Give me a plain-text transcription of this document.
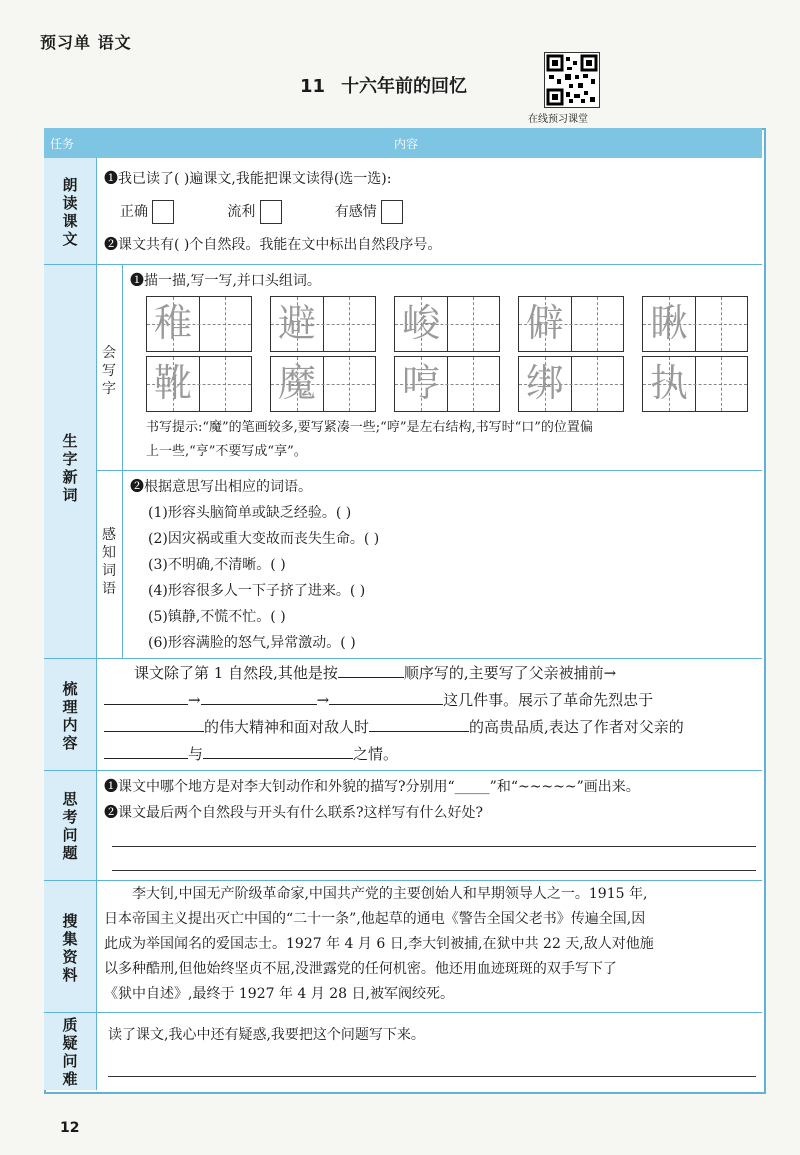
预习单 语文
11 十六年前的回忆
在线预习课堂
任务	内容
朗读课文
❶我已读了( )遍课文,我能把课文读得(选一选):
正确	流利	有感情
❷课文共有( )个自然段。我能在文中标出自然段序号。
生字新词
会写字
❶描一描,写一写,并口头组词。
稚 避 峻 僻 瞅
靴 魔 哼 绑 执
书写提示:“魔”的笔画较多,要写紧凑一些;“哼”是左右结构,书写时“口”的位置偏
上一些,“亨”不要写成“享”。
感知词语
❷根据意思写出相应的词语。
(1)形容头脑简单或缺乏经验。( )
(2)因灾祸或重大变故而丧失生命。( )
(3)不明确,不清晰。( )
(4)形容很多人一下子挤了进来。( )
(5)镇静,不慌不忙。( )
(6)形容满脸的怒气,异常激动。( )
梳理内容
课文除了第 1 自然段,其他是按	顺序写的,主要写了父亲被捕前→
→	→	这几件事。展示了革命先烈忠于
的伟大精神和面对敌人时	的高贵品质,表达了作者对父亲的
与	之情。
思考问题
❶课文中哪个地方是对李大钊动作和外貌的描写?分别用“_____”和“~~~~~”画出来。
❷课文最后两个自然段与开头有什么联系?这样写有什么好处?
搜集资料
李大钊,中国无产阶级革命家,中国共产党的主要创始人和早期领导人之一。1915 年,
日本帝国主义提出灭亡中国的“二十一条”,他起草的通电《警告全国父老书》传遍全国,因
此成为举国闻名的爱国志士。1927 年 4 月 6 日,李大钊被捕,在狱中共 22 天,敌人对他施
以多种酷刑,但他始终坚贞不屈,没泄露党的任何机密。他还用血迹斑斑的双手写下了
《狱中自述》,最终于 1927 年 4 月 28 日,被军阀绞死。
质疑问难
读了课文,我心中还有疑惑,我要把这个问题写下来。
12
